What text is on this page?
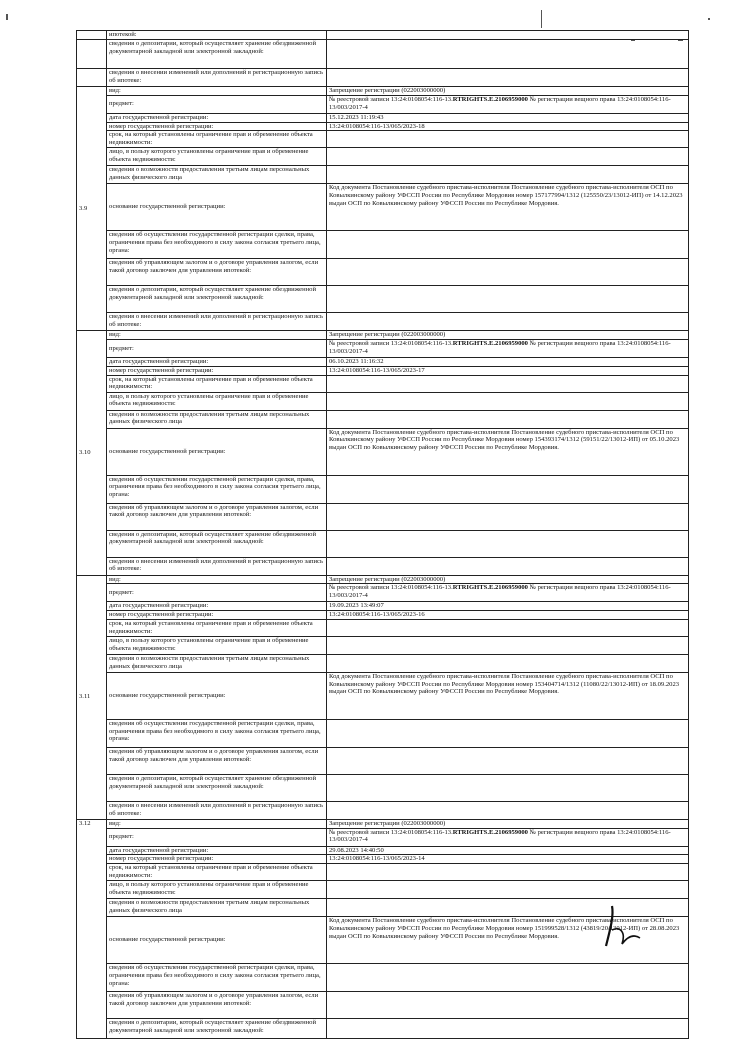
	ипотекой:	
	сведения о депозитарии, который осуществляет хранение обездвиженной документарной закладной или электронной закладной:	
	сведения о внесении изменений или дополнений в регистрационную запись об ипотеке:	
3.9	вид:	Запрещение регистрации (022003000000)
	предмет:	№ реестровой записи 13:24:0108054:116-13.RTRIGHTS.E.2106959000 № регистрации вещного права 13:24:0108054:116-13/003/2017-4
	дата государственной регистрации:	15.12.2023 11:19:43
	номер государственной регистрации:	13:24:0108054:116-13/065/2023-18
	срок, на который установлены ограничение прав и обременение объекта недвижимости:	
	лицо, в пользу которого установлены ограничение прав и обременение объекта недвижимости:	
	сведения о возможности предоставления третьим лицам персональных данных физического лица	
	основание государственной регистрации:	Код документа Постановление судебного пристава-исполнителя Постановление судебного пристава-исполнителя ОСП по Ковылкинскому району УФССП России по Республике Мордовия номер 157177994/1312 (125550/23/13012-ИП) от 14.12.2023 выдан ОСП по Ковылкинскому району УФССП России по Республике Мордовия.
	сведения об осуществлении государственной регистрации сделки, права, ограничения права без необходимого в силу закона согласия третьего лица, органа:	
	сведения об управляющем залогом и о договоре управления залогом, если такой договор заключен для управления ипотекой:	
	сведения о депозитарии, который осуществляет хранение обездвиженной документарной закладной или электронной закладной:	
	сведения о внесении изменений или дополнений в регистрационную запись об ипотеке:	
3.10	вид:	Запрещение регистрации (022003000000)
	предмет:	№ реестровой записи 13:24:0108054:116-13.RTRIGHTS.E.2106959000 № регистрации вещного права 13:24:0108054:116-13/003/2017-4
	дата государственной регистрации:	06.10.2023 11:16:32
	номер государственной регистрации:	13:24:0108054:116-13/065/2023-17
	срок, на который установлены ограничение прав и обременение объекта недвижимости:	
	лицо, в пользу которого установлены ограничение прав и обременение объекта недвижимости:	
	сведения о возможности предоставления третьим лицам персональных данных физического лица	
	основание государственной регистрации:	Код документа Постановление судебного пристава-исполнителя Постановление судебного пристава-исполнителя ОСП по Ковылкинскому району УФССП России по Республике Мордовия номер 154393174/1312 (59151/22/13012-ИП) от 05.10.2023 выдан ОСП по Ковылкинскому району УФССП России по Республике Мордовия.
	сведения об осуществлении государственной регистрации сделки, права, ограничения права без необходимого в силу закона согласия третьего лица, органа:	
	сведения об управляющем залогом и о договоре управления залогом, если такой договор заключен для управления ипотекой:	
	сведения о депозитарии, который осуществляет хранение обездвиженной документарной закладной или электронной закладной:	
	сведения о внесении изменений или дополнений в регистрационную запись об ипотеке:	
3.11	вид:	Запрещение регистрации (022003000000)
	предмет:	№ реестровой записи 13:24:0108054:116-13.RTRIGHTS.E.2106959000 № регистрации вещного права 13:24:0108054:116-13/003/2017-4
	дата государственной регистрации:	19.09.2023 13:49:07
	номер государственной регистрации:	13:24:0108054:116-13/065/2023-16
	срок, на который установлены ограничение прав и обременение объекта недвижимости:	
	лицо, в пользу которого установлены ограничение прав и обременение объекта недвижимости:	
	сведения о возможности предоставления третьим лицам персональных данных физического лица	
	основание государственной регистрации:	Код документа Постановление судебного пристава-исполнителя Постановление судебного пристава-исполнителя ОСП по Ковылкинскому району УФССП России по Республике Мордовия номер 153404714/1312 (11080/22/13012-ИП) от 18.09.2023 выдан ОСП по Ковылкинскому району УФССП России по Республике Мордовия.
	сведения об осуществлении государственной регистрации сделки, права, ограничения права без необходимого в силу закона согласия третьего лица, органа:	
	сведения об управляющем залогом и о договоре управления залогом, если такой договор заключен для управления ипотекой:	
	сведения о депозитарии, который осуществляет хранение обездвиженной документарной закладной или электронной закладной:	
	сведения о внесении изменений или дополнений в регистрационную запись об ипотеке:	
3.12	вид:	Запрещение регистрации (022003000000)
	предмет:	№ реестровой записи 13:24:0108054:116-13.RTRIGHTS.E.2106959000 № регистрации вещного права 13:24:0108054:116-13/003/2017-4
	дата государственной регистрации:	29.08.2023 14:40:50
	номер государственной регистрации:	13:24:0108054:116-13/065/2023-14
	срок, на который установлены ограничение прав и обременение объекта недвижимости:	
	лицо, в пользу которого установлены ограничение прав и обременение объекта недвижимости:	
	сведения о возможности предоставления третьим лицам персональных данных физического лица	
	основание государственной регистрации:	Код документа Постановление судебного пристава-исполнителя Постановление судебного пристава-исполнителя ОСП по Ковылкинскому району УФССП России по Республике Мордовия номер 151999528/1312 (43819/20/13012-ИП) от 28.08.2023 выдан ОСП по Ковылкинскому району УФССП России по Республике Мордовия.
	сведения об осуществлении государственной регистрации сделки, права, ограничения права без необходимого в силу закона согласия третьего лица, органа:	
	сведения об управляющем залогом и о договоре управления залогом, если такой договор заключен для управления ипотекой:	
	сведения о депозитарии, который осуществляет хранение обездвиженной документарной закладной или электронной закладной:	
